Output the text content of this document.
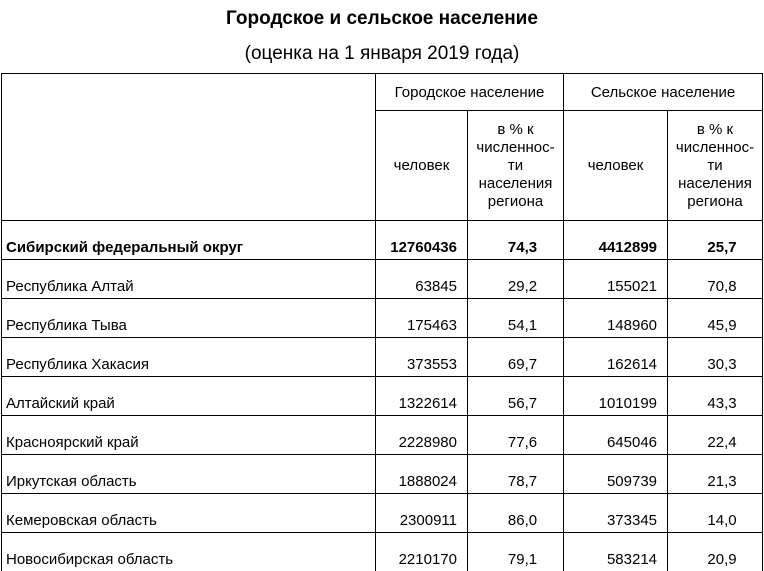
Городское и сельское население
(оценка на 1 января 2019 года)
	Городское население		Сельское население	
	человек	в % к
численнос-
ти
населения
региона	человек	в % к
численнос-
ти
населения
региона
Сибирский федеральный округ	12760436	74,3	4412899	25,7
Республика Алтай	63845	29,2	155021	70,8
Республика Тыва	175463	54,1	148960	45,9
Республика Хакасия	373553	69,7	162614	30,3
Алтайский край	1322614	56,7	1010199	43,3
Красноярский край	2228980	77,6	645046	22,4
Иркутская область	1888024	78,7	509739	21,3
Кемеровская область	2300911	86,0	373345	14,0
Новосибирская область	2210170	79,1	583214	20,9
